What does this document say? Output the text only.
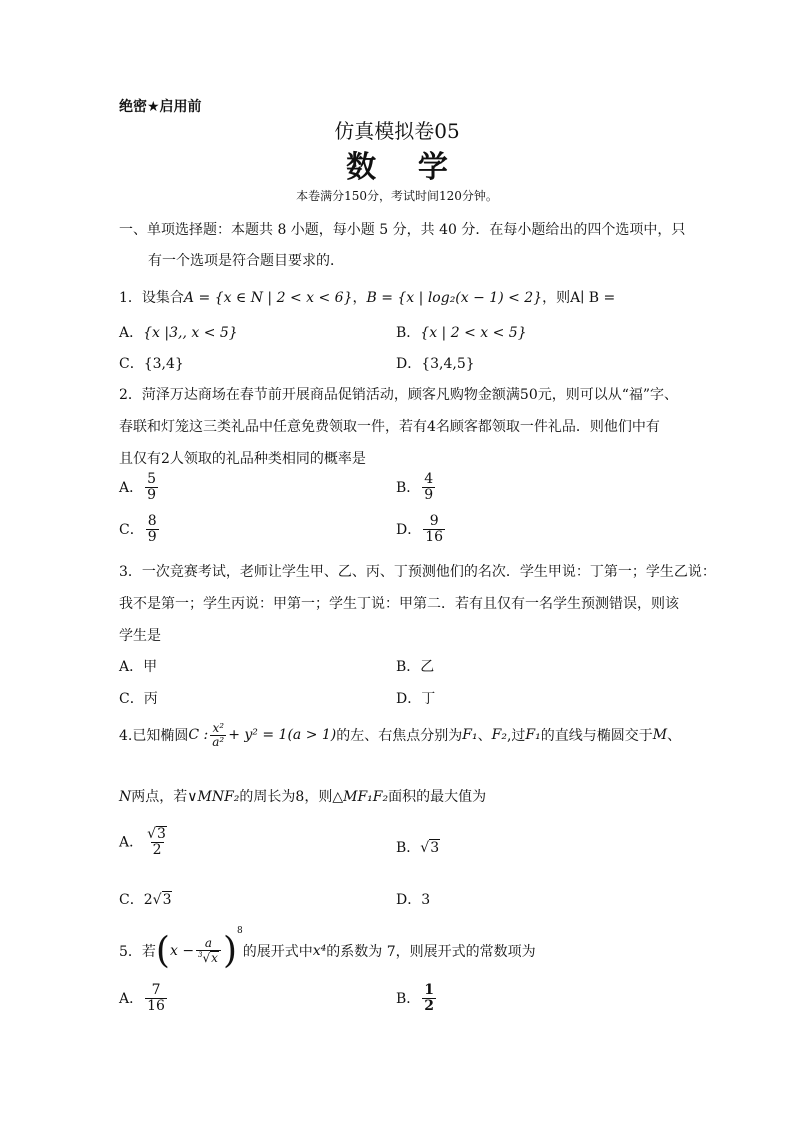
绝密★启用前
仿真模拟卷05
数    学
本卷满分150分，考试时间120分钟。
一、单项选择题：本题共 8 小题，每小题 5 分，共 40 分．在每小题给出的四个选项中，只
有一个选项是符合题目要求的．
1．设集合A = {x ∈ N | 2 < x < 6}，B = {x | log₂(x − 1) < 2}，则A∣ B =
A．{x |3,, x < 5}	B．{x | 2 < x < 5}
C．{3,4}	D．{3,4,5}
2．菏泽万达商场在春节前开展商品促销活动，顾客凡购物金额满50元，则可以从“福”字、
春联和灯笼这三类礼品中任意免费领取一件，若有4名顾客都领取一件礼品．则他们中有
且仅有2人领取的礼品种类相同的概率是
A． $\frac{5}{9}$	B． $\frac{4}{9}$
C． $\frac{8}{9}$	D． $\frac{9}{16}$
3．一次竞赛考试，老师让学生甲、乙、丙、丁预测他们的名次．学生甲说：丁第一；学生乙说：
我不是第一；学生丙说：甲第一；学生丁说：甲第二．若有且仅有一名学生预测错误，则该
学生是
A．甲	B．乙
C．丙	D．丁
4.已知椭圆C : $\frac{\text{x²}}{\text{a²}} + y^2 = 1(a > 1)$的左、右焦点分别为F₁、F₂,过F₁的直线与椭圆交于M、
N两点，若∨MNF₂的周长为8，则△MF₁F₂面积的最大值为
A． $\frac{√3}{2}$	B．√3
C．2√3	D．3
5．若$(x - \frac{a}{^3√x} )^8$的展开式中x⁴的系数为 7，则展开式的常数项为
A． $\frac{7}{16}$	B． $\frac{1}{2}$
